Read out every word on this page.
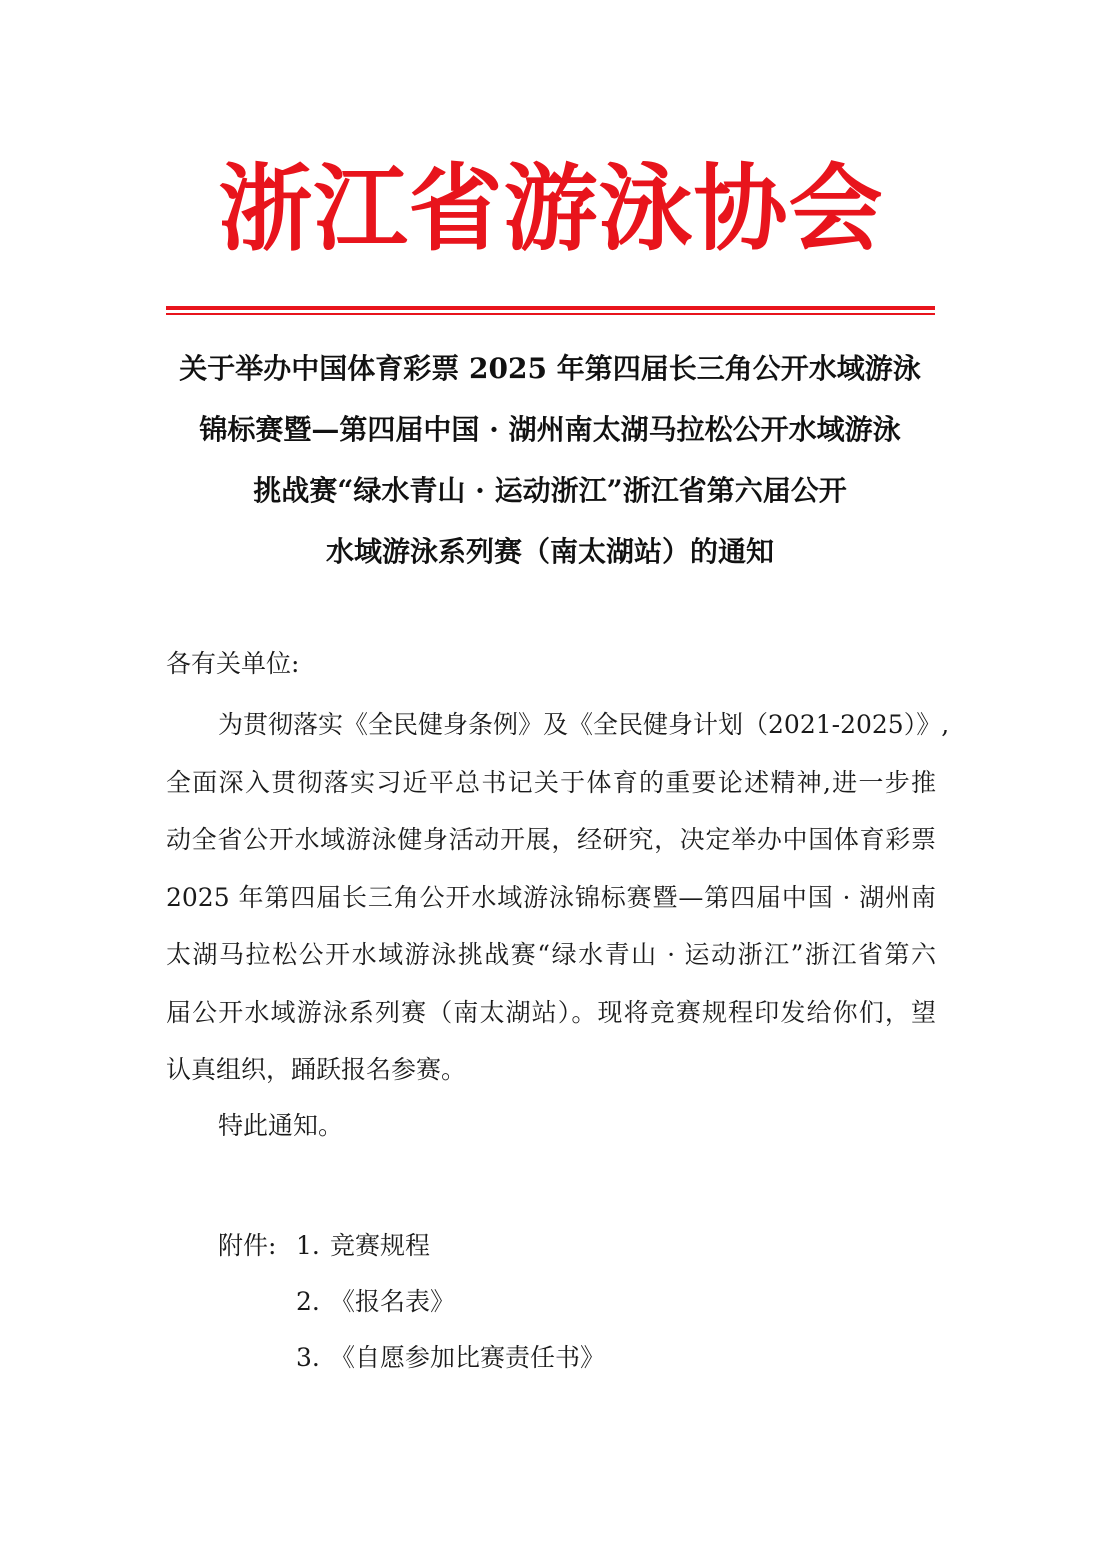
浙江省游泳协会
关于举办中国体育彩票 2025 年第四届长三角公开水域游泳
锦标赛暨—第四届中国 · 湖州南太湖马拉松公开水域游泳
挑战赛“绿水青山 · 运动浙江”浙江省第六届公开
水域游泳系列赛（南太湖站）的通知
各有关单位:
为贯彻落实《全民健身条例》及《全民健身计划（2021-2025）》,
全面深入贯彻落实习近平总书记关于体育的重要论述精神,进一步推
动全省公开水域游泳健身活动开展，经研究，决定举办中国体育彩票
2025 年第四届长三角公开水域游泳锦标赛暨—第四届中国 · 湖州南
太湖马拉松公开水域游泳挑战赛“绿水青山 · 运动浙江”浙江省第六
届公开水域游泳系列赛（南太湖站）。现将竞赛规程印发给你们，望
认真组织，踊跃报名参赛。
特此通知。
附件: 1. 竞赛规程
2. 《报名表》
3. 《自愿参加比赛责任书》
